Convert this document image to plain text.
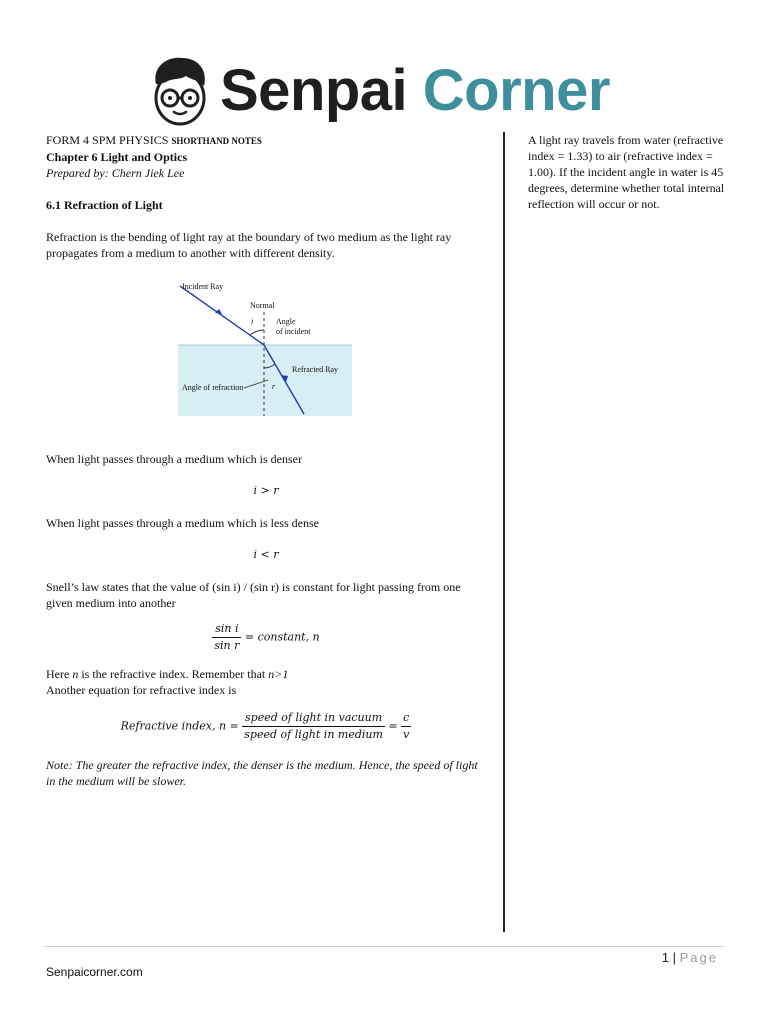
Senpai Corner

FORM 4 SPM PHYSICS SHORTHAND NOTES

Chapter 6 Light and Optics

Prepared by: Chern Jiek Lee

6.1 Refraction of Light

Refraction is the bending of light ray at the boundary of two medium as the light ray propagates from a medium to another with different density.

When light passes through a medium which is denser

i > r

When light passes through a medium which is less dense

i < r

Snell’s law states that the value of (sin i) / (sin r) is constant for light passing from one given medium into another

$\frac{\text{sin i}}{\text{sin r}}$ = constant, n

Here n is the refractive index. Remember that n>1

Another equation for refractive index is

Refractive index, $n = \frac{\text{speed of light in vacuum}}{\text{speed of light in medium}} = \frac{c}{v}$

Note: The greater the refractive index, the denser is the medium. Hence, the speed of light in the medium will be slower.

Incident Ray
Normal
i	Angle
of incident
Refracted Ray
Angle of refraction	r

A light ray travels from water (refractive index = 1.33) to air (refractive index = 1.00). If the incident angle in water is 45 degrees, determine whether total internal reflection will occur or not.

1 | Page
Senpaicorner.com
